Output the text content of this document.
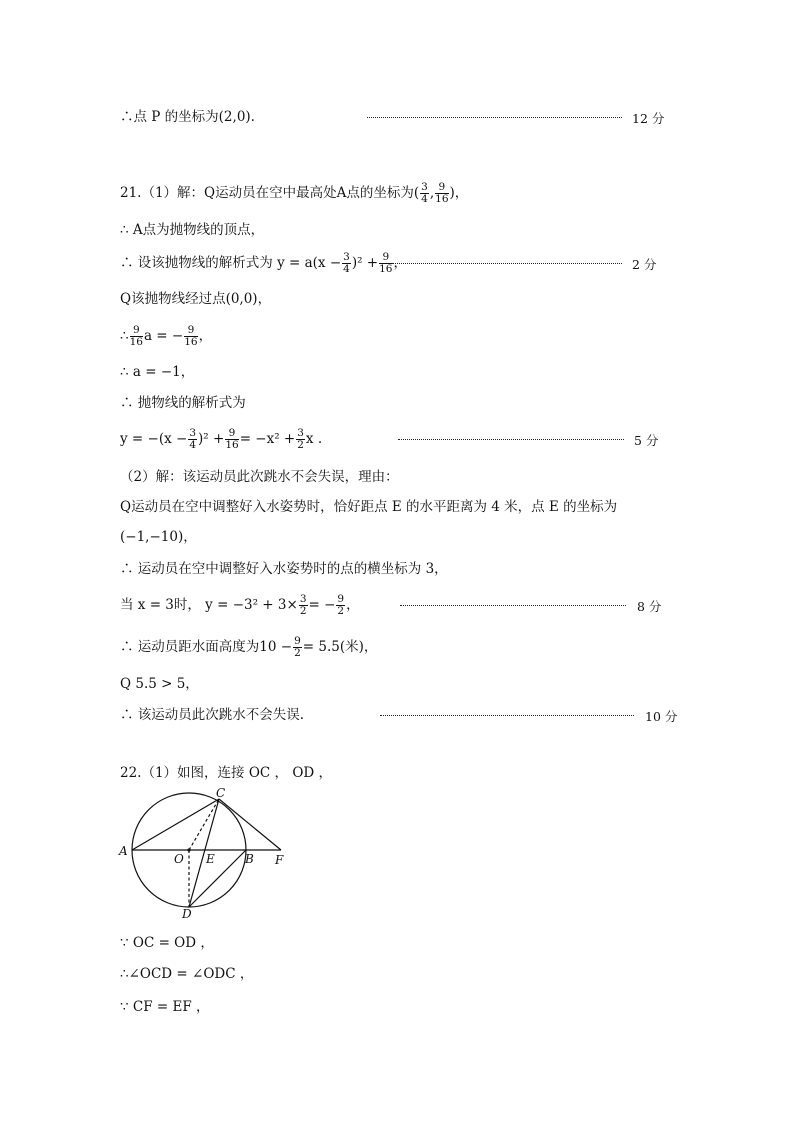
∴点 P 的坐标为(2,0).	12 分
21.（1）解：Q运动员在空中最高处A点的坐标为( $\frac{3}{4}$ , $\frac{9}{16}$ )，
∴ A点为抛物线的顶点，
∴ 设该抛物线的解析式为 $y = a(x - \frac{3}{4} )^2 + \frac{9}{16}$ ，	2 分
Q该抛物线经过点(0,0)，
∴ $\frac{9}{16}$ a = − $\frac{9}{16}$ ，
∴ a = −1，
∴ 抛物线的解析式为
$y = -(x - \frac{3}{4} )^2 + \frac{9}{16} = -x^2 + \frac{3}{2}$ x .	5 分
（2）解：该运动员此次跳水不会失误，理由：
Q运动员在空中调整好入水姿势时，恰好距点 E 的水平距离为 4 米，点 E 的坐标为
(−1,−10)，
∴ 运动员在空中调整好入水姿势时的点的横坐标为 3，
当 x = 3时， $y = -3^2 + 3\times \frac{3}{2}$ = − $\frac{9}{2}$ ，	8 分
∴ 运动员距水面高度为$10 - \frac{9}{2} = 5.5$(米)，
Q 5.5 > 5，
∴ 该运动员此次跳水不会失误.	10 分
22.（1）如图，连接 OC ， OD ，
C
A
O E	B F
D
∵ OC = OD ，
∴∠OCD = ∠ODC ，
∵ CF = EF ，
